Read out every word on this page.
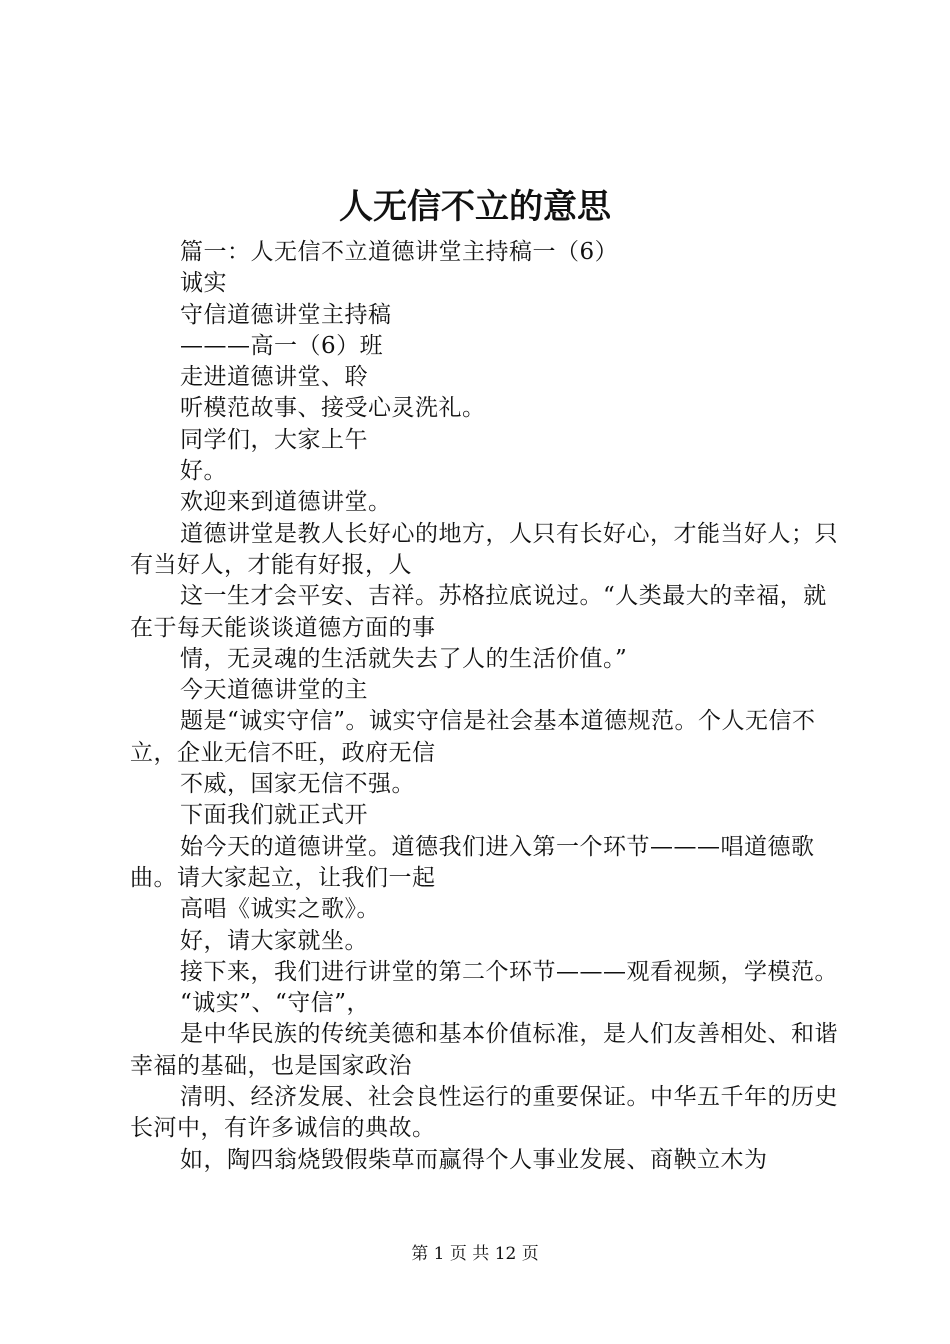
人无信不立的意思

篇一：人无信不立道德讲堂主持稿一（6）

诚实

守信道德讲堂主持稿

———高一（6）班

走进道德讲堂、聆

听模范故事、接受心灵洗礼。

同学们，大家上午

好。

欢迎来到道德讲堂。

道德讲堂是教人长好心的地方，人只有长好心，才能当好人；只有当好人，才能有好报，人

这一生才会平安、吉祥。苏格拉底说过。“人类最大的幸福，就在于每天能谈谈道德方面的事

情，无灵魂的生活就失去了人的生活价值。”

今天道德讲堂的主

题是“诚实守信”。诚实守信是社会基本道德规范。个人无信不立，企业无信不旺，政府无信

不威，国家无信不强。

下面我们就正式开

始今天的道德讲堂。道德我们进入第一个环节———唱道德歌曲。请大家起立，让我们一起

高唱《诚实之歌》。

好，请大家就坐。

接下来，我们进行讲堂的第二个环节———观看视频，学模范。

“诚实”、“守信”，

是中华民族的传统美德和基本价值标准，是人们友善相处、和谐幸福的基础，也是国家政治

清明、经济发展、社会良性运行的重要保证。中华五千年的历史长河中，有许多诚信的典故。

如，陶四翁烧毁假柴草而赢得个人事业发展、商鞅立木为

第 1 页 共 12 页
